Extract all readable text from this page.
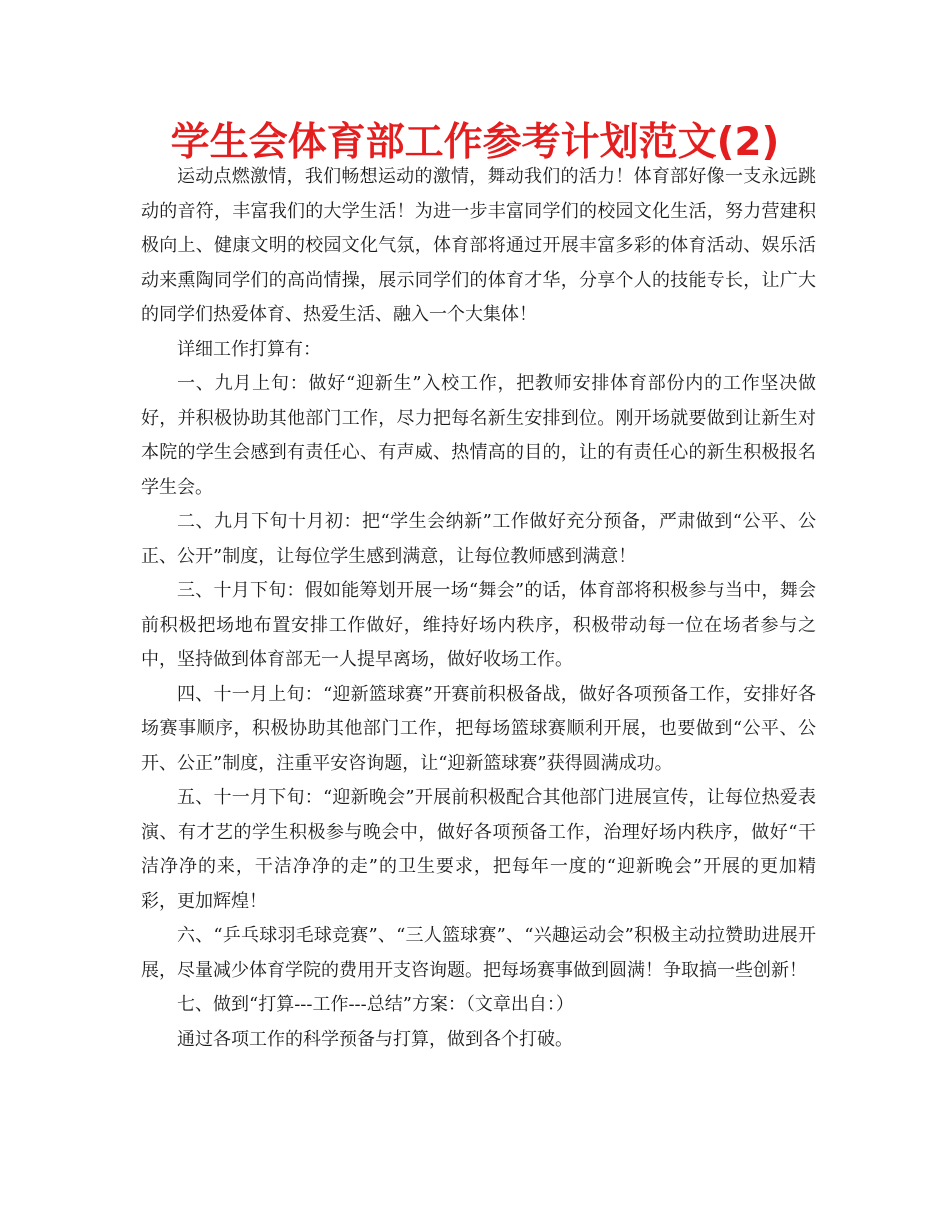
学生会体育部工作参考计划范文(2)

运动点燃激情，我们畅想运动的激情，舞动我们的活力！体育部好像一支永远跳动的音符，丰富我们的大学生活！为进一步丰富同学们的校园文化生活，努力营建积极向上、健康文明的校园文化气氛，体育部将通过开展丰富多彩的体育活动、娱乐活动来熏陶同学们的高尚情操，展示同学们的体育才华，分享个人的技能专长，让广大的同学们热爱体育、热爱生活、融入一个大集体！

详细工作打算有：

一、九月上旬：做好“迎新生”入校工作，把教师安排体育部份内的工作坚决做好，并积极协助其他部门工作，尽力把每名新生安排到位。刚开场就要做到让新生对本院的学生会感到有责任心、有声威、热情高的目的，让的有责任心的新生积极报名学生会。

二、九月下旬十月初：把“学生会纳新”工作做好充分预备，严肃做到“公平、公正、公开”制度，让每位学生感到满意，让每位教师感到满意！

三、十月下旬：假如能筹划开展一场“舞会”的话，体育部将积极参与当中，舞会前积极把场地布置安排工作做好，维持好场内秩序，积极带动每一位在场者参与之中，坚持做到体育部无一人提早离场，做好收场工作。

四、十一月上旬：“迎新篮球赛”开赛前积极备战，做好各项预备工作，安排好各场赛事顺序，积极协助其他部门工作，把每场篮球赛顺利开展，也要做到“公平、公开、公正”制度，注重平安咨询题，让“迎新篮球赛”获得圆满成功。

五、十一月下旬：“迎新晚会”开展前积极配合其他部门进展宣传，让每位热爱表演、有才艺的学生积极参与晚会中，做好各项预备工作，治理好场内秩序，做好“干洁净净的来，干洁净净的走”的卫生要求，把每年一度的“迎新晚会”开展的更加精彩，更加辉煌！

六、“乒乓球羽毛球竞赛”、“三人篮球赛”、“兴趣运动会”积极主动拉赞助进展开展，尽量减少体育学院的费用开支咨询题。把每场赛事做到圆满！争取搞一些创新！

七、做到“打算---工作---总结”方案：（文章出自：）

通过各项工作的科学预备与打算，做到各个打破。
